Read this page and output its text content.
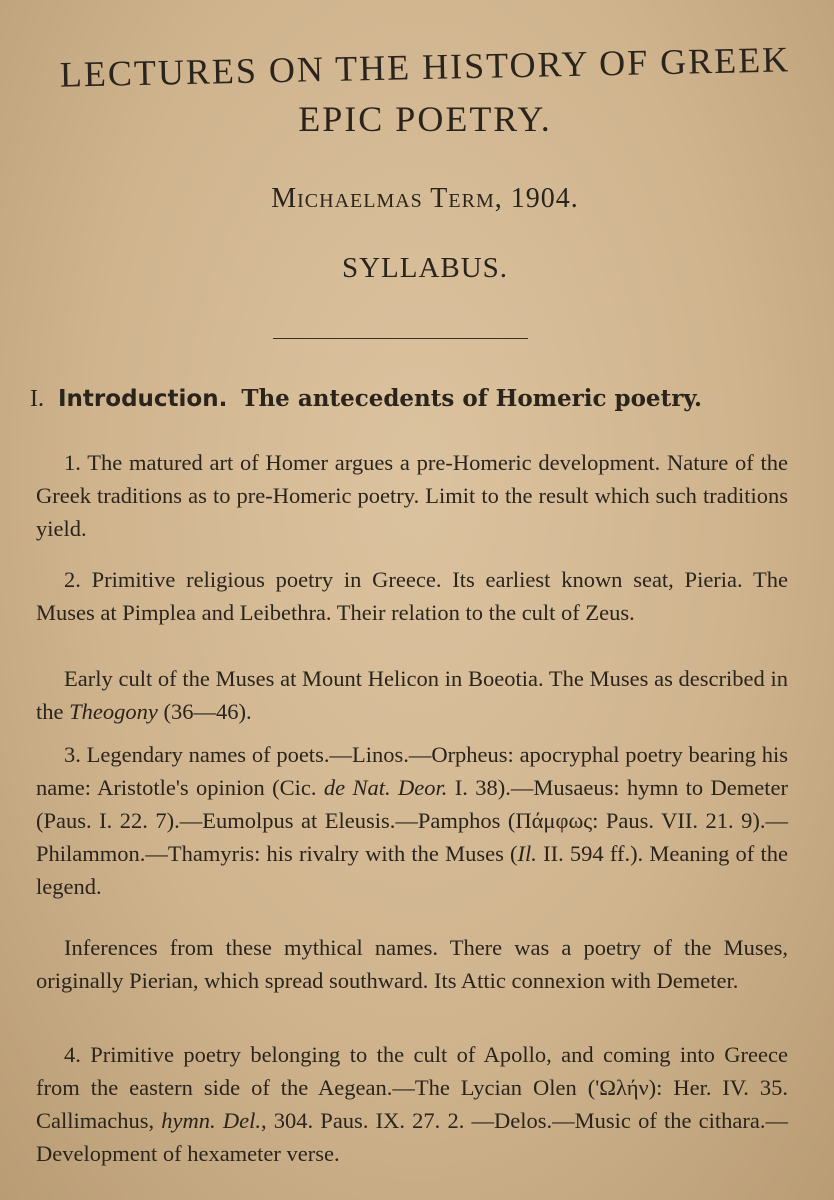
LECTURES ON THE HISTORY OF GREEK
EPIC POETRY.
Michaelmas Term, 1904.
SYLLABUS.
I. Introduction. The antecedents of Homeric poetry.

1. The matured art of Homer argues a pre-Homeric development. Nature of the Greek traditions as to pre-Homeric poetry. Limit to the result which such traditions yield.

2. Primitive religious poetry in Greece. Its earliest known seat, Pieria. The Muses at Pimplea and Leibethra. Their relation to the cult of Zeus.

Early cult of the Muses at Mount Helicon in Boeotia. The Muses as described in the Theogony (36—46).

3. Legendary names of poets.—Linos.—Orpheus: apocryphal poetry bearing his name: Aristotle's opinion (Cic. de Nat. Deor. I. 38).—Musaeus: hymn to Demeter (Paus. I. 22. 7).—Eumolpus at Eleusis.—Pamphos (Πάμφως: Paus. VII. 21. 9).—Philammon.—Thamyris: his rivalry with the Muses (Il. II. 594 ff.). Meaning of the legend.

Inferences from these mythical names. There was a poetry of the Muses, originally Pierian, which spread southward. Its Attic connexion with Demeter.

4. Primitive poetry belonging to the cult of Apollo, and coming into Greece from the eastern side of the Aegean.—The Lycian Olen ('Ωλήν): Her. IV. 35. Callimachus, hymn. Del., 304. Paus. IX. 27. 2. —Delos.—Music of the cithara.—Development of hexameter verse.
